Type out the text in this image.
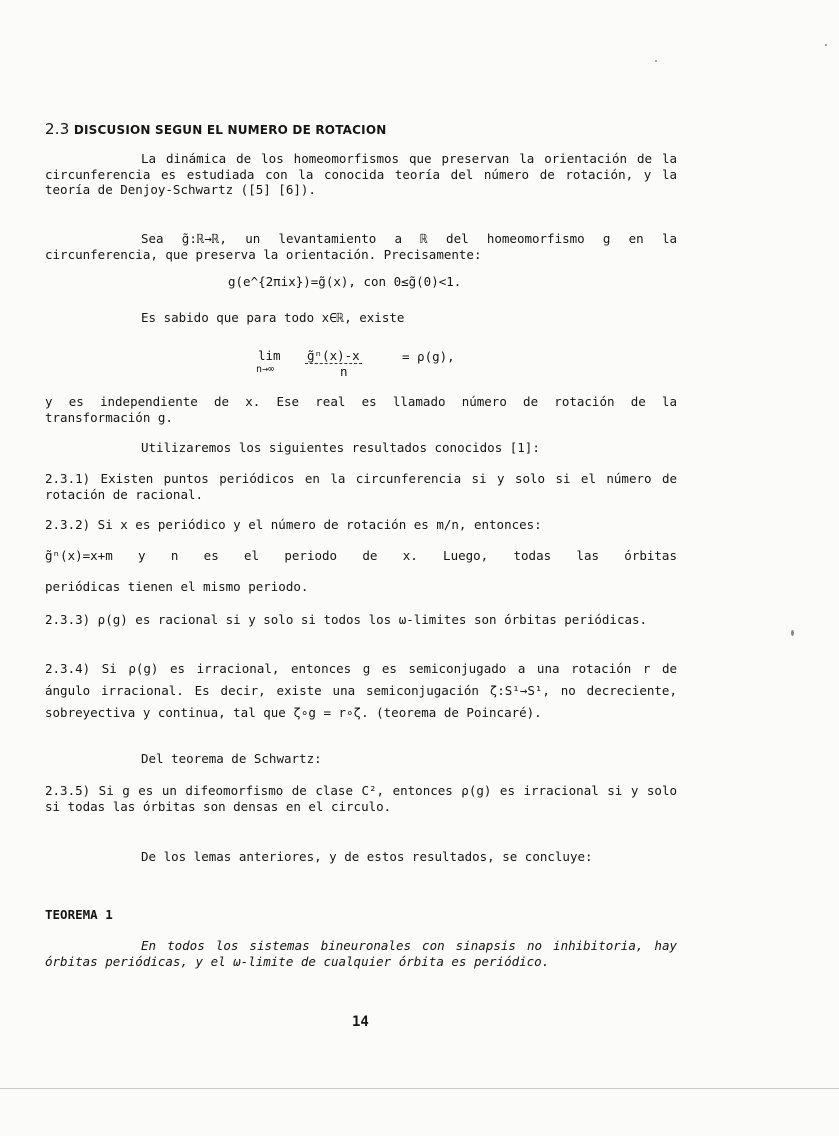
2.3 DISCUSION SEGUN EL NUMERO DE ROTACION
La dinámica de los homeomorfismos que preservan la orientación de la circunferencia es estudiada con la conocida teoría del número de rotación, y la teoría de Denjoy-Schwartz ([5] [6]).
Sea g̃:ℝ→ℝ, un levantamiento a ℝ del homeomorfismo g en la circunferencia, que preserva la orientación. Precisamente:
g(e^{2πix})=g̃(x), con 0≤g̃(0)<1.
Es sabido que para todo x∈ℝ, existe
lim
n→∞
g̃ⁿ(x)-x
n
= ρ(g),
y es independiente de x. Ese real es llamado número de rotación de la transformación g.
Utilizaremos los siguientes resultados conocidos [1]:
2.3.1) Existen puntos periódicos en la circunferencia si y solo si el número de rotación de racional.
2.3.2) Si x es periódico y el número de rotación es m/n, entonces:
g̃ⁿ(x)=x+m y n es el periodo de x. Luego, todas las órbitas
periódicas tienen el mismo periodo.
2.3.3) ρ(g) es racional si y solo si todos los ω-limites son órbitas periódicas.
2.3.4) Si ρ(g) es irracional, entonces g es semiconjugado a una rotación r de ángulo irracional. Es decir, existe una semiconjugación ζ:S¹→S¹, no decreciente, sobreyectiva y continua, tal que ζ∘g = r∘ζ. (teorema de Poincaré).
Del teorema de Schwartz:
2.3.5) Si g es un difeomorfismo de clase C², entonces ρ(g) es irracional si y solo si todas las órbitas son densas en el circulo.
De los lemas anteriores, y de estos resultados, se concluye:
TEOREMA 1
En todos los sistemas bineuronales con sinapsis no inhibitoria, hay órbitas periódicas, y el ω-limite de cualquier órbita es periódico.
14
